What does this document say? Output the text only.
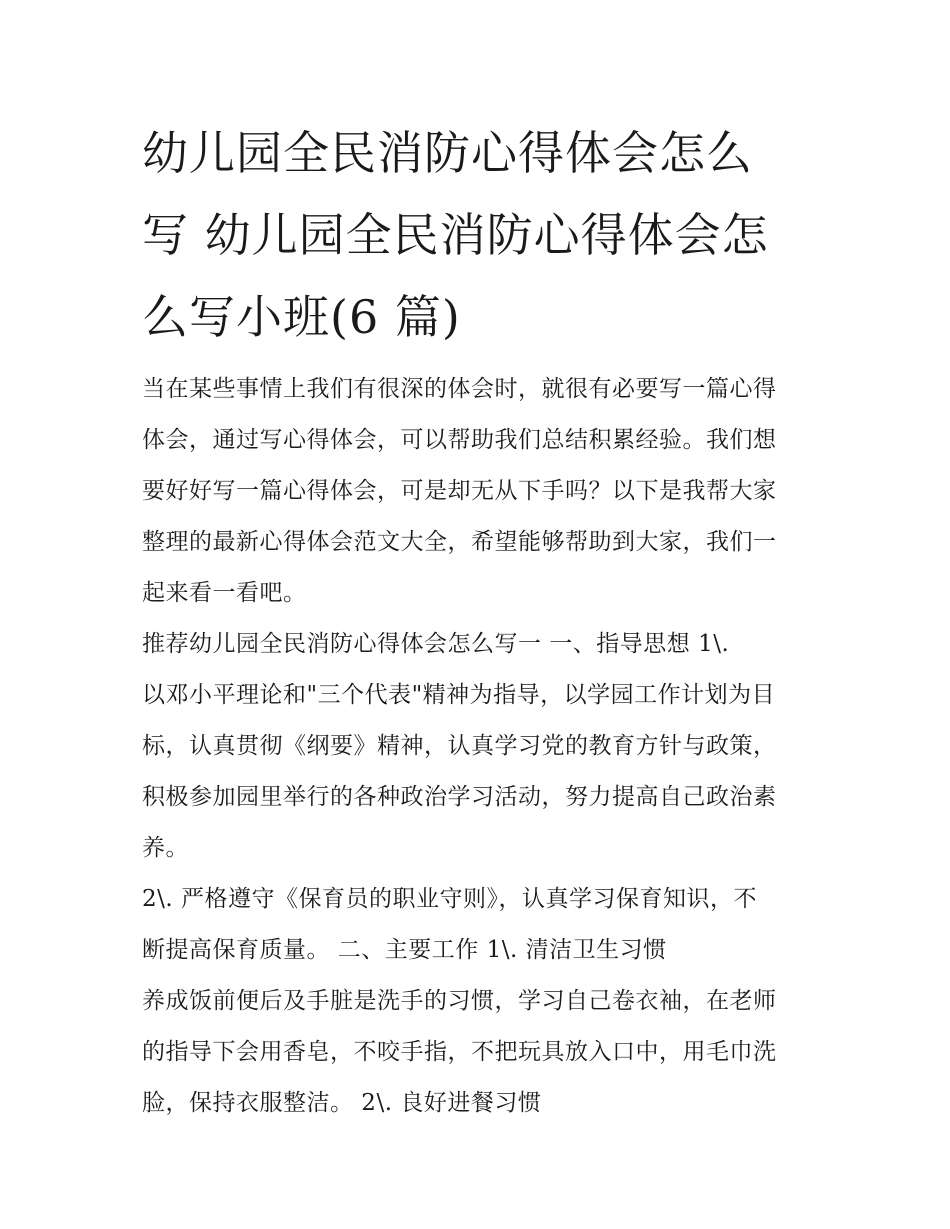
幼儿园全民消防心得体会怎么
写 幼儿园全民消防心得体会怎
么写小班(6 篇)
当在某些事情上我们有很深的体会时，就很有必要写一篇心得
体会，通过写心得体会，可以帮助我们总结积累经验。我们想
要好好写一篇心得体会，可是却无从下手吗？以下是我帮大家
整理的最新心得体会范文大全，希望能够帮助到大家，我们一
起来看一看吧。
推荐幼儿园全民消防心得体会怎么写一 一、指导思想 1\.
以邓小平理论和"三个代表"精神为指导，以学园工作计划为目
标，认真贯彻《纲要》精神，认真学习党的教育方针与政策，
积极参加园里举行的各种政治学习活动，努力提高自己政治素
养。
2\. 严格遵守《保育员的职业守则》，认真学习保育知识，不
断提高保育质量。 二、主要工作 1\. 清洁卫生习惯
养成饭前便后及手脏是洗手的习惯，学习自己卷衣袖，在老师
的指导下会用香皂，不咬手指，不把玩具放入口中，用毛巾洗
脸，保持衣服整洁。 2\. 良好进餐习惯
